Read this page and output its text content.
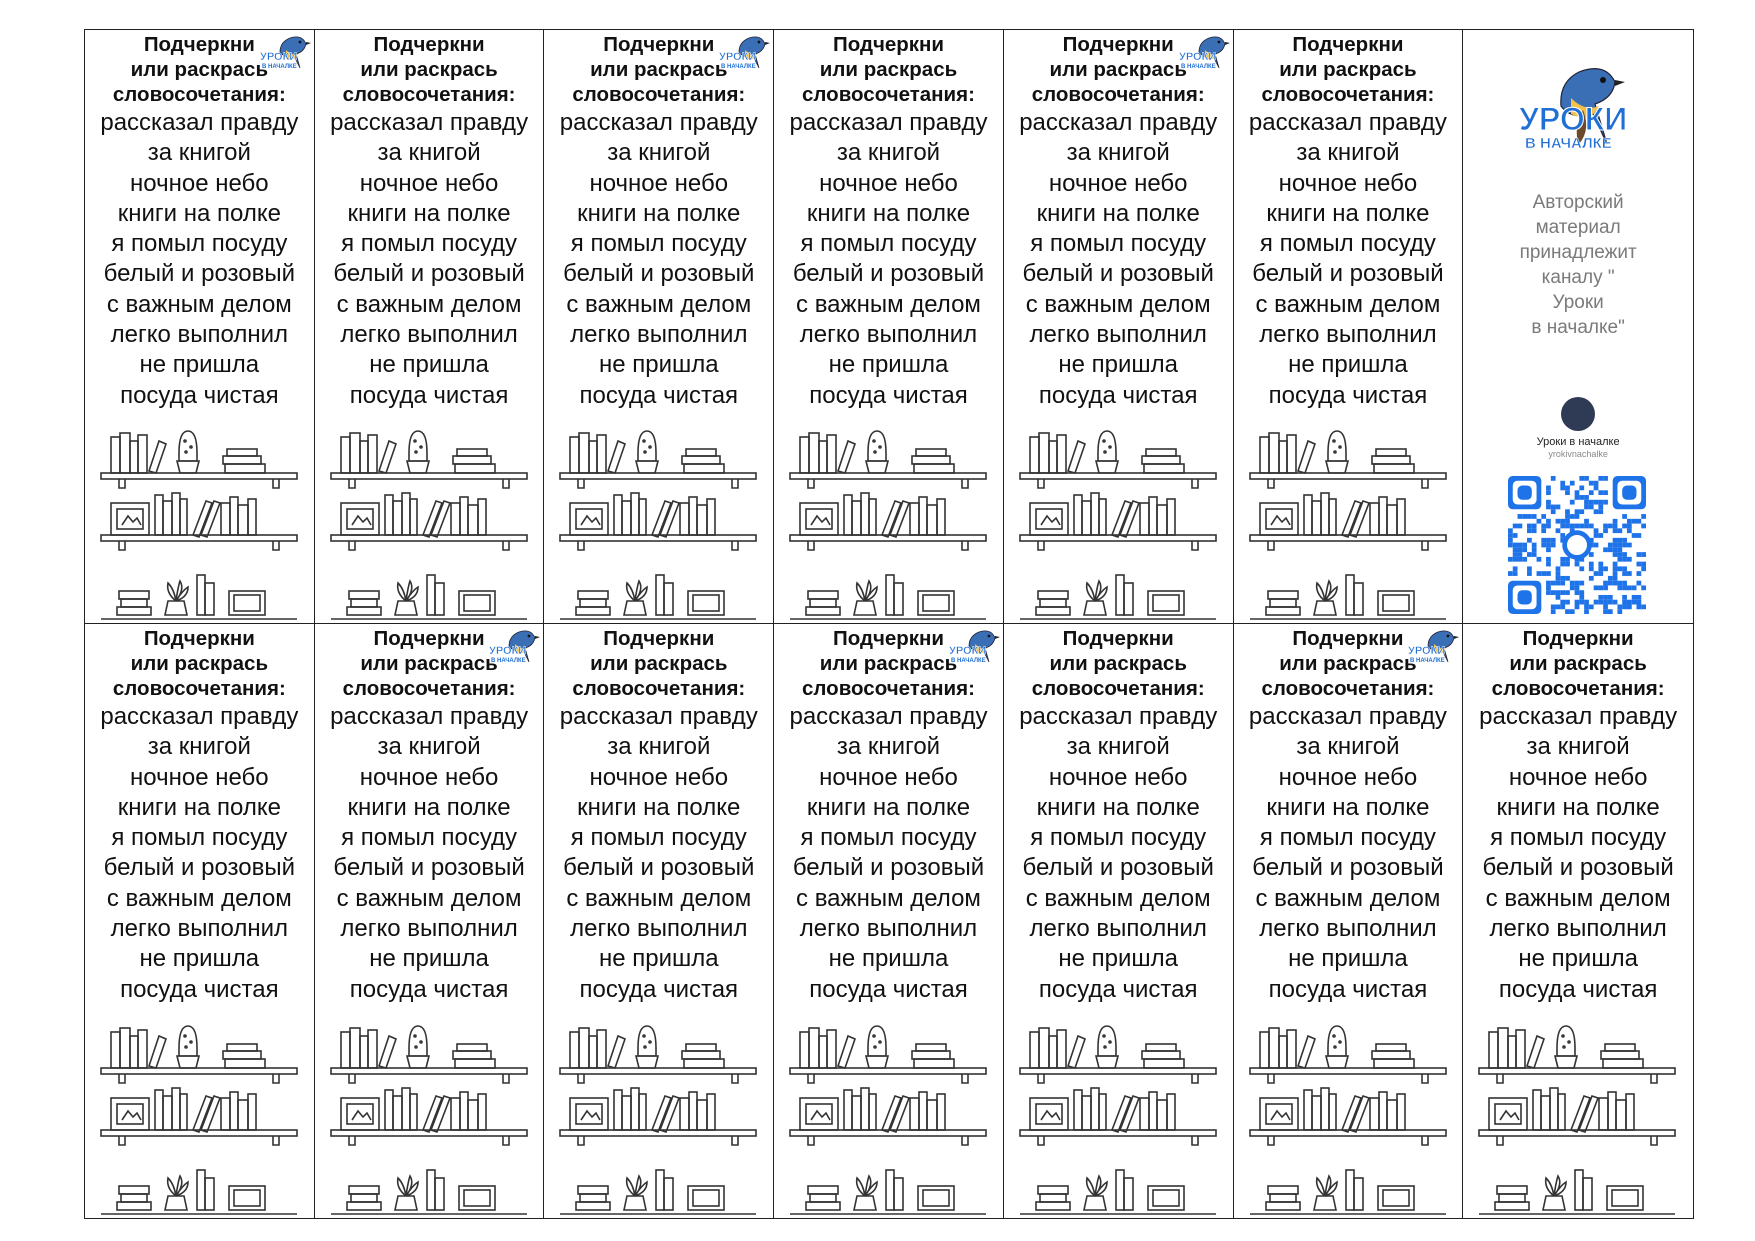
Подчеркни
или раскрась
словосочетания:
рассказал правду
за книгой
ночное небо
книги на полке
я помыл посуду
белый и розовый
с важным делом
легко выполнил
не пришла
посуда чистая
УРОКИ
В НАЧАЛКЕ
Подчеркни
или раскрась
словосочетания:
рассказал правду
за книгой
ночное небо
книги на полке
я помыл посуду
белый и розовый
с важным делом
легко выполнил
не пришла
посуда чистая
Подчеркни
или раскрась
словосочетания:
рассказал правду
за книгой
ночное небо
книги на полке
я помыл посуду
белый и розовый
с важным делом
легко выполнил
не пришла
посуда чистая
УРОКИ
В НАЧАЛКЕ
Подчеркни
или раскрась
словосочетания:
рассказал правду
за книгой
ночное небо
книги на полке
я помыл посуду
белый и розовый
с важным делом
легко выполнил
не пришла
посуда чистая
Подчеркни
или раскрась
словосочетания:
рассказал правду
за книгой
ночное небо
книги на полке
я помыл посуду
белый и розовый
с важным делом
легко выполнил
не пришла
посуда чистая
УРОКИ
В НАЧАЛКЕ
Подчеркни
или раскрась
словосочетания:
рассказал правду
за книгой
ночное небо
книги на полке
я помыл посуду
белый и розовый
с важным делом
легко выполнил
не пришла
посуда чистая
УРОКИ
В НАЧАЛКЕ
Авторский
материал
принадлежит
каналу "
Уроки
в началке"
Уроки в началке
yrokivnachalke
Подчеркни
или раскрась
словосочетания:
рассказал правду
за книгой
ночное небо
книги на полке
я помыл посуду
белый и розовый
с важным делом
легко выполнил
не пришла
посуда чистая
Подчеркни
или раскрась
словосочетания:
рассказал правду
за книгой
ночное небо
книги на полке
я помыл посуду
белый и розовый
с важным делом
легко выполнил
не пришла
посуда чистая
УРОКИ
В НАЧАЛКЕ
Подчеркни
или раскрась
словосочетания:
рассказал правду
за книгой
ночное небо
книги на полке
я помыл посуду
белый и розовый
с важным делом
легко выполнил
не пришла
посуда чистая
Подчеркни
или раскрась
словосочетания:
рассказал правду
за книгой
ночное небо
книги на полке
я помыл посуду
белый и розовый
с важным делом
легко выполнил
не пришла
посуда чистая
УРОКИ
В НАЧАЛКЕ
Подчеркни
или раскрась
словосочетания:
рассказал правду
за книгой
ночное небо
книги на полке
я помыл посуду
белый и розовый
с важным делом
легко выполнил
не пришла
посуда чистая
Подчеркни
или раскрась
словосочетания:
рассказал правду
за книгой
ночное небо
книги на полке
я помыл посуду
белый и розовый
с важным делом
легко выполнил
не пришла
посуда чистая
УРОКИ
В НАЧАЛКЕ
Подчеркни
или раскрась
словосочетания:
рассказал правду
за книгой
ночное небо
книги на полке
я помыл посуду
белый и розовый
с важным делом
легко выполнил
не пришла
посуда чистая
